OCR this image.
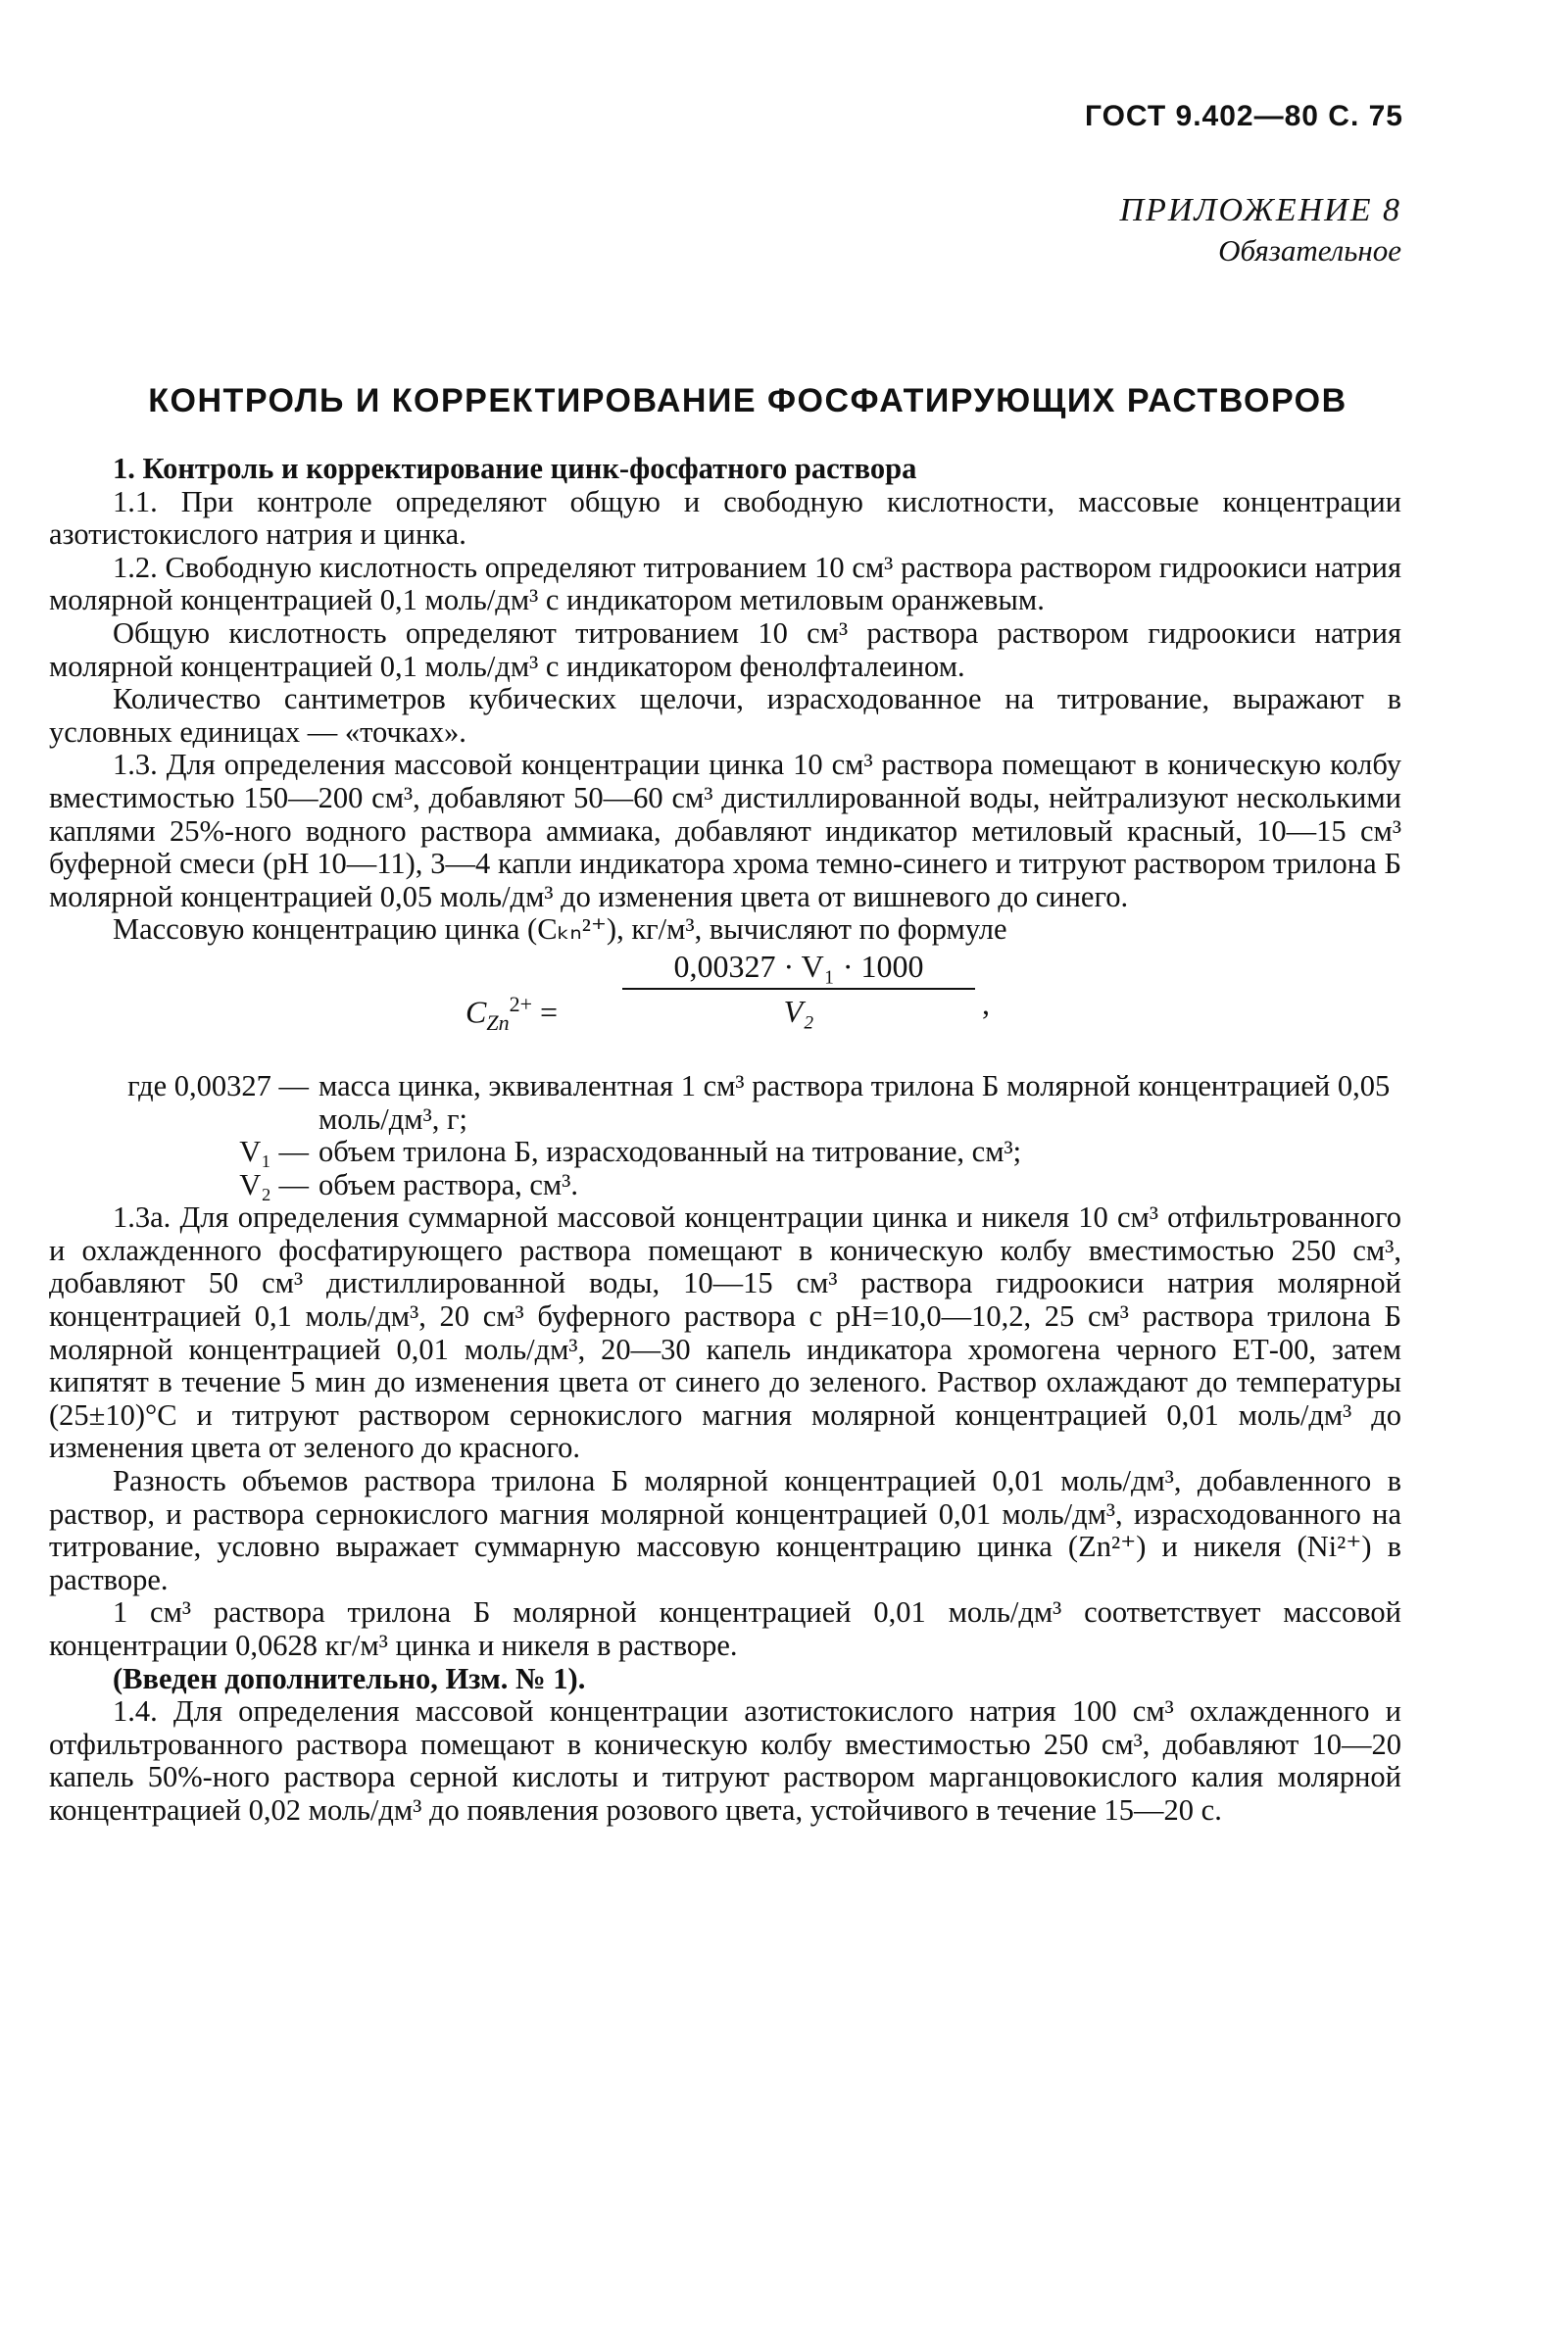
ГОСТ 9.402—80 С. 75
ПРИЛОЖЕНИЕ 8
Обязательное
КОНТРОЛЬ И КОРРЕКТИРОВАНИЕ ФОСФАТИРУЮЩИХ РАСТВОРОВ

1. Контроль и корректирование цинк-фосфатного раствора

1.1. При контроле определяют общую и свободную кислотности, массовые концентрации азотистокислого натрия и цинка.

1.2. Свободную кислотность определяют титрованием 10 см³ раствора раствором гидроокиси натрия молярной концентрацией 0,1 моль/дм³ с индикатором метиловым оранжевым.

Общую кислотность определяют титрованием 10 см³ раствора раствором гидроокиси натрия молярной концентрацией 0,1 моль/дм³ с индикатором фенолфталеином.

Количество сантиметров кубических щелочи, израсходованное на титрование, выражают в условных единицах — «точках».

1.3. Для определения массовой концентрации цинка 10 см³ раствора помещают в коническую колбу вместимостью 150—200 см³, добавляют 50—60 см³ дистиллированной воды, нейтрализуют несколькими каплями 25%-ного водного раствора аммиака, добавляют индикатор метиловый красный, 10—15 см³ буферной смеси (рН 10—11), 3—4 капли индикатора хрома темно-синего и титруют раствором трилона Б молярной концентрацией 0,05 моль/дм³ до изменения цвета от вишневого до синего.

Массовую концентрацию цинка (Cₖₙ²⁺), кг/м³, вычисляют по формуле

$C_{Zn}^{2+} = \frac{\text{0,00327 · V₁ · 1000}}{\text{V₂}}$ ,
где 0,00327 — масса цинка, эквивалентная 1 см³ раствора трилона Б молярной концентрацией 0,05 моль/дм³, г;
V₁ — объем трилона Б, израсходованный на титрование, см³;
V₂ — объем раствора, см³.

1.3а. Для определения суммарной массовой концентрации цинка и никеля 10 см³ отфильтрованного и охлажденного фосфатирующего раствора помещают в коническую колбу вместимостью 250 см³, добавляют 50 см³ дистиллированной воды, 10—15 см³ раствора гидроокиси натрия молярной концентрацией 0,1 моль/дм³, 20 см³ буферного раствора с рН=10,0—10,2, 25 см³ раствора трилона Б молярной концентрацией 0,01 моль/дм³, 20—30 капель индикатора хромогена черного ЕТ-00, затем кипятят в течение 5 мин до изменения цвета от синего до зеленого. Раствор охлаждают до температуры (25±10)°С и титруют раствором сернокислого магния молярной концентрацией 0,01 моль/дм³ до изменения цвета от зеленого до красного.

Разность объемов раствора трилона Б молярной концентрацией 0,01 моль/дм³, добавленного в раствор, и раствора сернокислого магния молярной концентрацией 0,01 моль/дм³, израсходованного на титрование, условно выражает суммарную массовую концентрацию цинка (Zn²⁺) и никеля (Ni²⁺) в растворе.

1 см³ раствора трилона Б молярной концентрацией 0,01 моль/дм³ соответствует массовой концентрации 0,0628 кг/м³ цинка и никеля в растворе.

(Введен дополнительно, Изм. № 1).

1.4. Для определения массовой концентрации азотистокислого натрия 100 см³ охлажденного и отфильтрованного раствора помещают в коническую колбу вместимостью 250 см³, добавляют 10—20 капель 50%-ного раствора серной кислоты и титруют раствором марганцовокислого калия молярной концентрацией 0,02 моль/дм³ до появления розового цвета, устойчивого в течение 15—20 с.
